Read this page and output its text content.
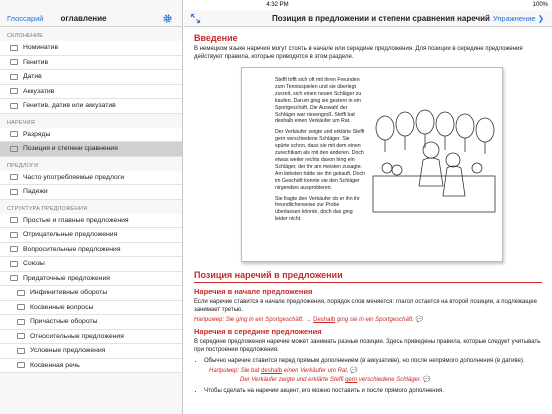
4:32 PM	100%
Глоссарий оглавление
СКЛОНЕНИЕ
Номинатив
Генитив
Датив
Аккузатив
Генитив, датив или аккузатив
НАРЕЧИЯ
Разряды
Позиция и степени сравнения
ПРЕДЛОГИ
Часто употребляемые предлоги
Падежи
СТРУКТУРА ПРЕДЛОЖЕНИЯ
Простые и главные предложения
Отрицательные предложения
Вопросительные предложения
Союзы
Придаточные предложения
Инфинитивные обороты
Косвенные вопросы
Причастные обороты
Относительные предложения
Условные предложения
Косвенная речь
Позиция в предложении и степени сравнения наречий Упражнение ❯
Введение

В немецком языке наречия могут стоять в начале или середине предложения. Для позиции в середине предложения действуют правила, которые приводятся в этом разделе.

Steffi trifft sich oft mit ihren Freunden zum Tennisspielen und sie überlegt zurzeit, sich einen neuen Schläger zu kaufen. Darum ging sie gestern in ein Sportgeschäft. Die Auswahl der Schläger war riesengroß. Steffi bat deshalb einen Verkäufer um Rat.
Der Verkäufer zeigte und erklärte Steffi gern verschiedene Schläger. Sie spürte schon, dass sie mit dem einen zurechtkam als mit den anderen. Doch etwas weiter rechts davon hing ein Schläger, der ihr am meisten zusagte. Am liebsten hätte sie ihn gekauft. Doch im Geschäft konnte sie den Schläger nirgendwo ausprobieren.
Sie fragte den Verkäufer ob er ihn ihr freundlicherweise zur Probe überlassen könnte, doch das ging leider nicht.
Позиция наречий в предложении
Наречия в начале предложения

Если наречие ставится в начале предложения, порядок слов меняется: глагол остается на второй позиции, а подлежащее занимает третью.

Например: Sie ging in ein Sportgeschäft. → Deshalb ging sie in ein Sportgeschäft. 💬
Наречия в середине предложения

В середине предложения наречие может занимать разные позиции. Здесь приведены правила, которые следует учитывать при построении предложения.

• Обычно наречие ставится перед прямым дополнением (в аккузативе), но после непрямого дополнения (в дативе).
Например: Sie bat deshalb einen Verkäufer um Rat. 💬
Der Verkäufer zeigte und erklärte Steffi gern verschiedene Schläger. 💬
• Чтобы сделать на наречии акцент, его можно поставить и после прямого дополнения.
